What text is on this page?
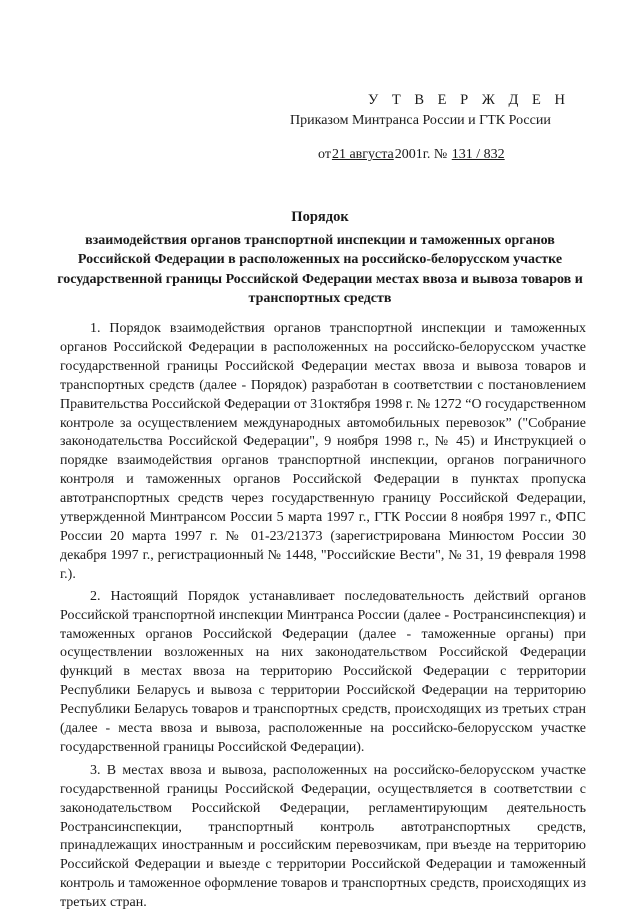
У Т В Е Р Ж Д Е Н
Приказом Минтранса России и ГТК России
от21 августа2001г. № 131 / 832
Порядок
взаимодействия органов транспортной инспекции и таможенных органов Российской Федерации в расположенных на российско-белорусском участке государственной границы Российской Федерации местах ввоза и вывоза товаров и транспортных средств

1. Порядок взаимодействия органов транспортной инспекции и таможенных органов Российской Федерации в расположенных на российско-белорусском участке государственной границы Российской Федерации местах ввоза и вывоза товаров и транспортных средств (далее - Порядок) разработан в соответствии с постановлением Правительства Российской Федерации от 31октября 1998 г. № 1272 “О государственном контроле за осуществлением международных автомобильных перевозок” ("Собрание законодательства Российской Федерации", 9 ноября 1998 г., № 45) и Инструкцией о порядке взаимодействия органов транспортной инспекции, органов пограничного контроля и таможенных органов Российской Федерации в пунктах пропуска автотранспортных средств через государственную границу Российской Федерации, утвержденной Минтрансом России 5 марта 1997 г., ГТК России 8 ноября 1997 г., ФПС России 20 марта 1997 г. № 01-23/21373 (зарегистрирована Минюстом России 30 декабря 1997 г., регистрационный № 1448, "Российские Вести", № 31, 19 февраля 1998 г.).

2. Настоящий Порядок устанавливает последовательность действий органов Российской транспортной инспекции Минтранса России (далее - Ространсинспекция) и таможенных органов Российской Федерации (далее - таможенные органы) при осуществлении возложенных на них законодательством Российской Федерации функций в местах ввоза на территорию Российской Федерации с территории Республики Беларусь и вывоза с территории Российской Федерации на территорию Республики Беларусь товаров и транспортных средств, происходящих из третьих стран (далее - места ввоза и вывоза, расположенные на российско-белорусском участке государственной границы Российской Федерации).

3. В местах ввоза и вывоза, расположенных на российско-белорусском участке государственной границы Российской Федерации, осуществляется в соответствии с законодательством Российской Федерации, регламентирующим деятельность Ространсинспекции, транспортный контроль автотранспортных средств, принадлежащих иностранным и российским перевозчикам, при въезде на территорию Российской Федерации и выезде с территории Российской Федерации и таможенный контроль и таможенное оформление товаров и транспортных средств, происходящих из третьих стран.
